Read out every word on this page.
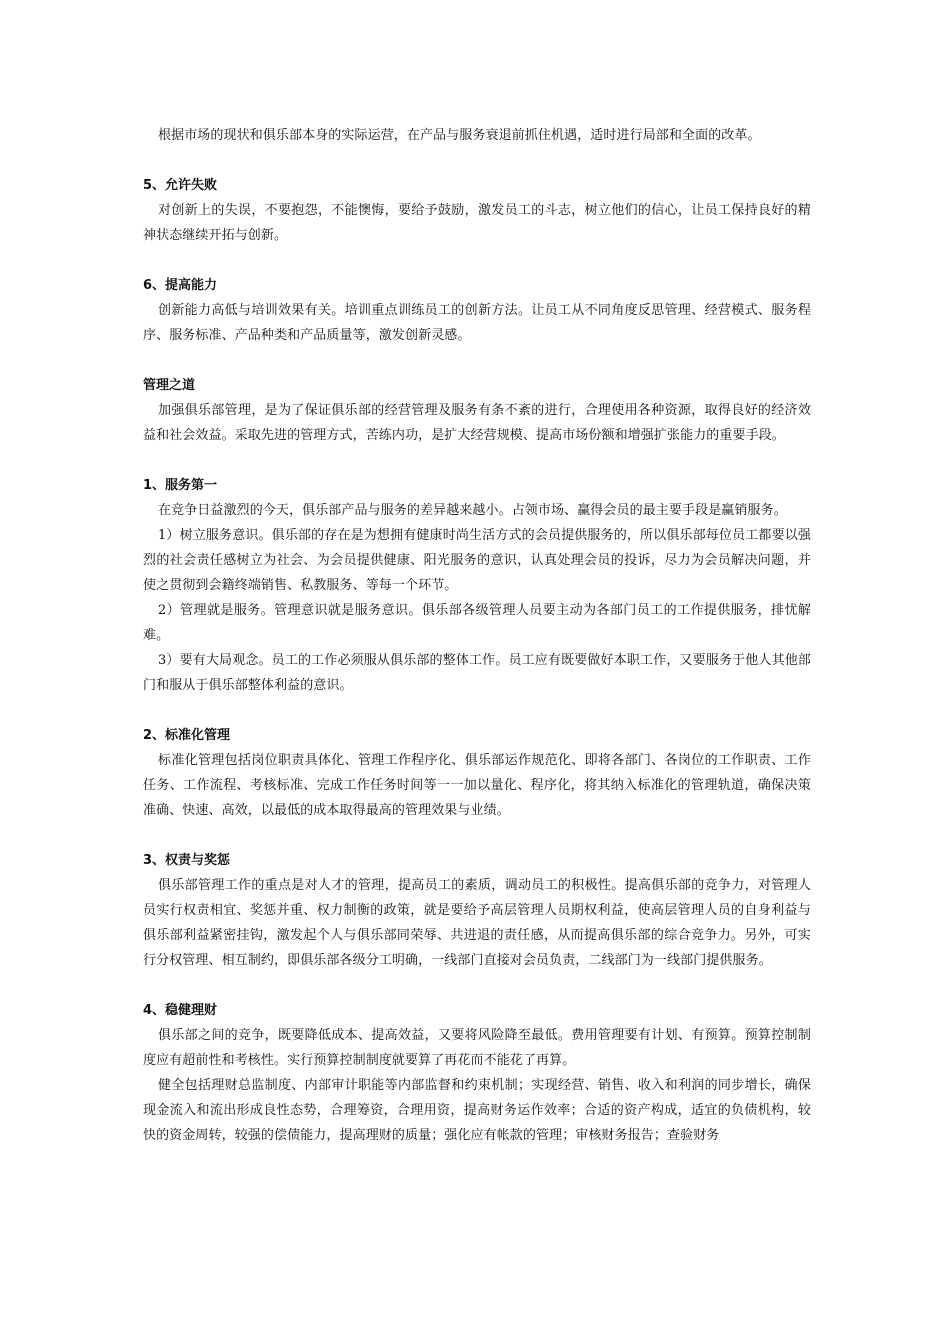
根据市场的现状和俱乐部本身的实际运营，在产品与服务衰退前抓住机遇，适时进行局部和全面的改革。

5、允许失败

对创新上的失误，不要抱怨，不能懊悔，要给予鼓励，激发员工的斗志，树立他们的信心，让员工保持良好的精神状态继续开拓与创新。

6、提高能力

创新能力高低与培训效果有关。培训重点训练员工的创新方法。让员工从不同角度反思管理、经营模式、服务程序、服务标准、产品种类和产品质量等，激发创新灵感。

管理之道

加强俱乐部管理，是为了保证俱乐部的经营管理及服务有条不紊的进行，合理使用各种资源，取得良好的经济效益和社会效益。采取先进的管理方式，苦练内功，是扩大经营规模、提高市场份额和增强扩张能力的重要手段。

1、服务第一

在竞争日益激烈的今天，俱乐部产品与服务的差异越来越小。占领市场、赢得会员的最主要手段是赢销服务。

1）树立服务意识。俱乐部的存在是为想拥有健康时尚生活方式的会员提供服务的，所以俱乐部每位员工都要以强烈的社会责任感树立为社会、为会员提供健康、阳光服务的意识，认真处理会员的投诉，尽力为会员解决问题，并使之贯彻到会籍终端销售、私教服务、等每一个环节。

2）管理就是服务。管理意识就是服务意识。俱乐部各级管理人员要主动为各部门员工的工作提供服务，排忧解难。

3）要有大局观念。员工的工作必须服从俱乐部的整体工作。员工应有既要做好本职工作，又要服务于他人其他部门和服从于俱乐部整体利益的意识。

2、标准化管理

标准化管理包括岗位职责具体化、管理工作程序化、俱乐部运作规范化、即将各部门、各岗位的工作职责、工作任务、工作流程、考核标准、完成工作任务时间等一一加以量化、程序化，将其纳入标准化的管理轨道，确保决策准确、快速、高效，以最低的成本取得最高的管理效果与业绩。

3、权责与奖惩

俱乐部管理工作的重点是对人才的管理，提高员工的素质，调动员工的积极性。提高俱乐部的竞争力，对管理人员实行权责相宜、奖惩并重、权力制衡的政策，就是要给予高层管理人员期权利益，使高层管理人员的自身利益与俱乐部利益紧密挂钩，激发起个人与俱乐部同荣辱、共进退的责任感，从而提高俱乐部的综合竞争力。另外，可实行分权管理、相互制约，即俱乐部各级分工明确，一线部门直接对会员负责，二线部门为一线部门提供服务。

4、稳健理财

俱乐部之间的竞争，既要降低成本、提高效益，又要将风险降至最低。费用管理要有计划、有预算。预算控制制度应有超前性和考核性。实行预算控制制度就要算了再花而不能花了再算。

健全包括理财总监制度、内部审计职能等内部监督和约束机制；实现经营、销售、收入和利润的同步增长，确保现金流入和流出形成良性态势，合理筹资，合理用资，提高财务运作效率；合适的资产构成，适宜的负债机构，较快的资金周转，较强的偿债能力，提高理财的质量；强化应有帐款的管理；审核财务报告；查验财务
